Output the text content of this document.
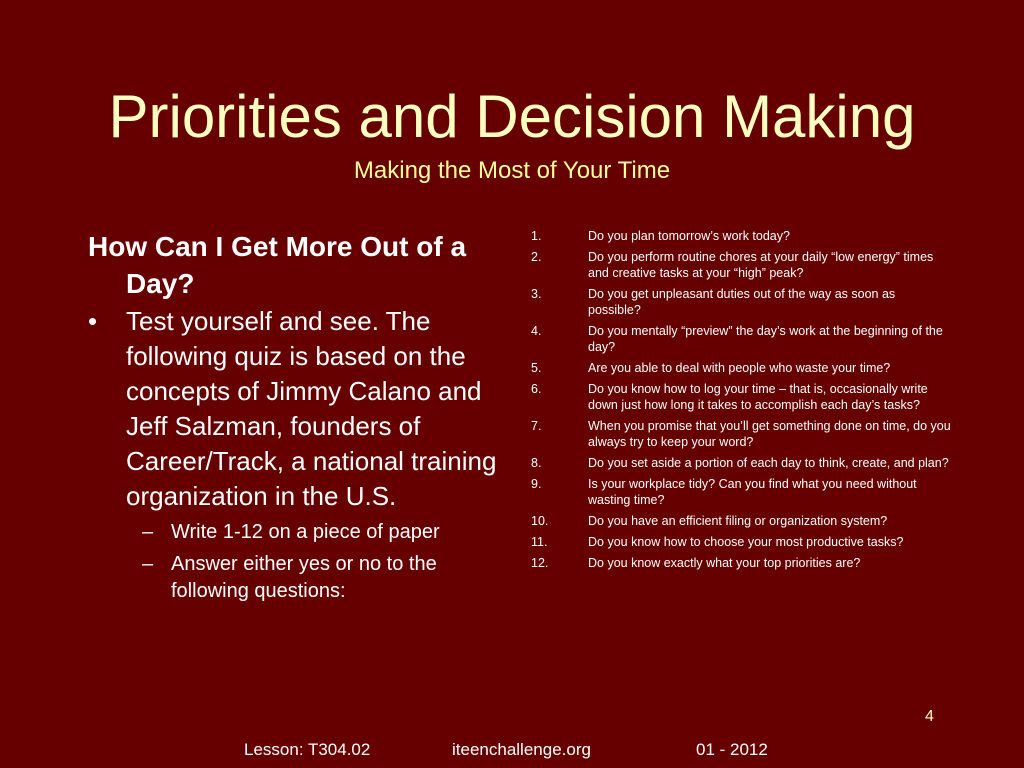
Priorities and Decision Making
Making the Most of Your Time

How Can I Get More Out of a Day?

•	Test yourself and see. The following quiz is based on the concepts of Jimmy Calano and Jeff Salzman, founders of Career/Track, a national training organization in the U.S.
– Write 1-12 on a piece of paper
– Answer either yes or no to the following questions:
1.	Do you plan tomorrow’s work today?
2.	Do you perform routine chores at your daily “low energy” times and creative tasks at your “high” peak?
3.	Do you get unpleasant duties out of the way as soon as possible?
4.	Do you mentally “preview” the day’s work at the beginning of the day?
5.	Are you able to deal with people who waste your time?
6.	Do you know how to log your time – that is, occasionally write down just how long it takes to accomplish each day’s tasks?
7.	When you promise that you’ll get something done on time, do you always try to keep your word?
8.	Do you set aside a portion of each day to think, create, and plan?
9.	Is your workplace tidy? Can you find what you need without wasting time?
10.	Do you have an efficient filing or organization system?
11.	Do you know how to choose your most productive tasks?
12.	Do you know exactly what your top priorities are?
4
Lesson: T304.02	iteenchallenge.org	01 - 2012
